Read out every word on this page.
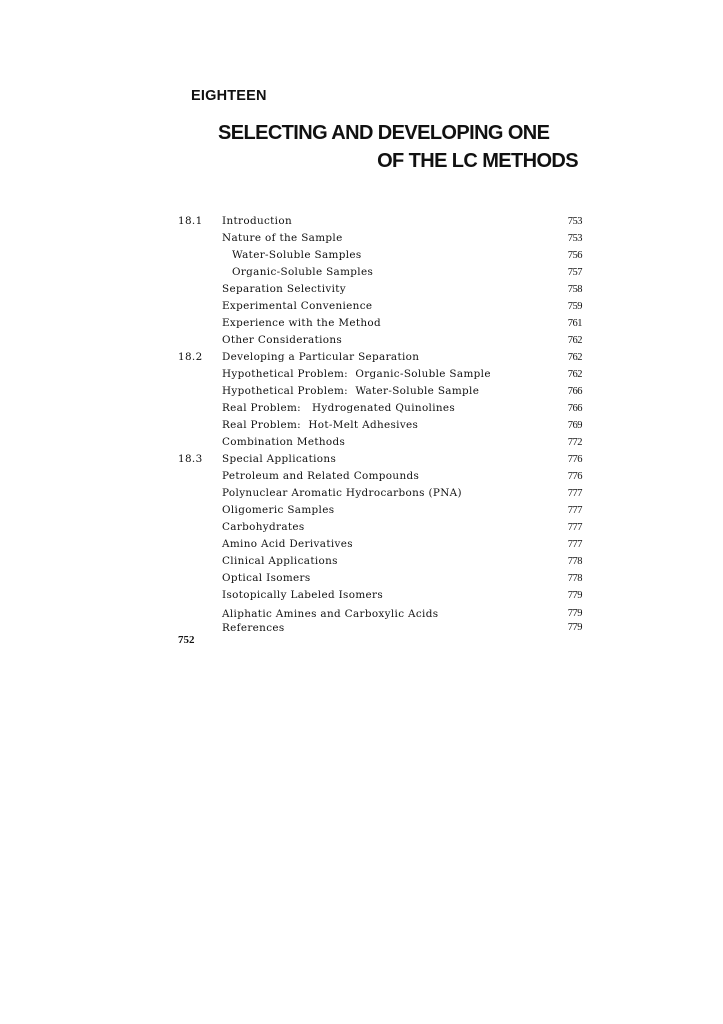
EIGHTEEN
SELECTING AND DEVELOPING ONE
OF THE LC METHODS
18.1 Introduction	753
Nature of the Sample	753
Water-Soluble Samples	756
Organic-Soluble Samples	757
Separation Selectivity	758
Experimental Convenience	759
Experience with the Method	761
Other Considerations	762
18.2 Developing a Particular Separation	762
Hypothetical Problem:  Organic-Soluble Sample	762
Hypothetical Problem:  Water-Soluble Sample	766
Real Problem:   Hydrogenated Quinolines	766
Real Problem:  Hot-Melt Adhesives	769
Combination Methods	772
18.3 Special Applications	776
Petroleum and Related Compounds	776
Polynuclear Aromatic Hydrocarbons (PNA)	777
Oligomeric Samples	777
Carbohydrates	777
Amino Acid Derivatives	777
Clinical Applications	778
Optical Isomers	778
Isotopically Labeled Isomers	779
Aliphatic Amines and Carboxylic Acids	779
References	779

752
